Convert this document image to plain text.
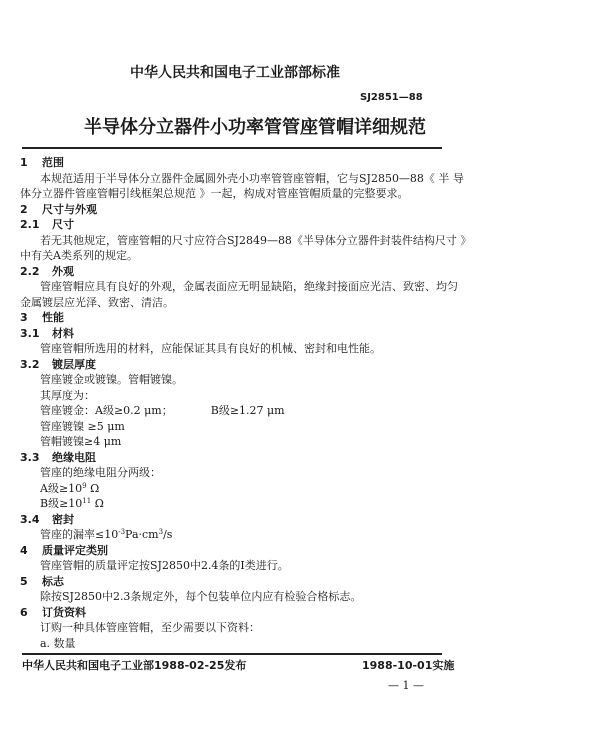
中华人民共和国电子工业部部标准
SJ2851—88
半导体分立器件小功率管管座管帽详细规范
1 范围
本规范适用于半导体分立器件金属圆外壳小功率管管座管帽，它与SJ2850—88《 半 导
体分立器件管座管帽引线框架总规范 》一起，构成对管座管帽质量的完整要求。
2 尺寸与外观
2.1 尺寸
若无其他规定，管座管帽的尺寸应符合SJ2849—88《半导体分立器件封装件结构尺寸 》
中有关A类系列的规定。
2.2 外观
管座管帽应具有良好的外观，金属表面应无明显缺陷，绝缘封接面应光洁、致密、均匀
金属镀层应光泽、致密、清洁。
3 性能
3.1 材料
管座管帽所选用的材料，应能保证其具有良好的机械、密封和电性能。
3.2 镀层厚度
管座镀金或镀镍。管帽镀镍。
其厚度为：
管座镀金：A级≥0.2 μm；	B级≥1.27 μm
管座镀镍 ≥5 μm
管帽镀镍≥4 μm
3.3 绝缘电阻
管座的绝缘电阻分两级：
A级$\ge 10^9$ Ω
B级$\ge 10^{11}$ Ω
3.4 密封
管座的漏率$\le 10^{-3}Pa\cdot cm^3/s$
4 质量评定类别
管座管帽的质量评定按SJ2850中2.4条的Ⅰ类进行。
5 标志
除按SJ2850中2.3条规定外，每个包装单位内应有检验合格标志。
6 订货资料
订购一种具体管座管帽，至少需要以下资料：
a. 数量
中华人民共和国电子工业部1988-02-25发布	1988-10-01实施
— 1 —
